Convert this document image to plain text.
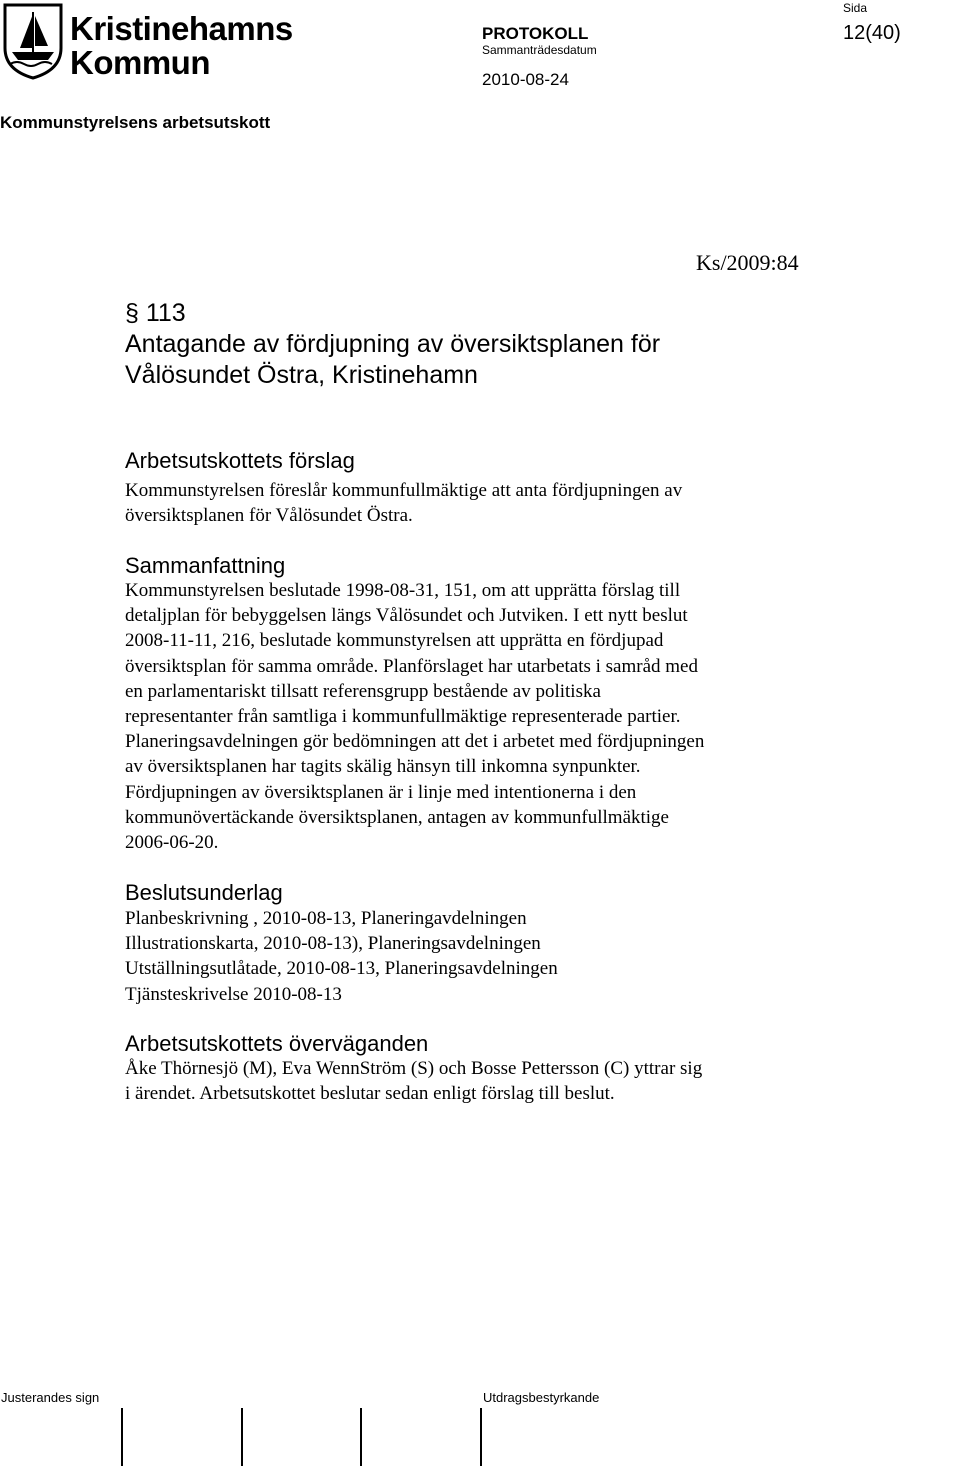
Kristinehamns
Kommun
Sida
12(40)
PROTOKOLL
Sammanträdesdatum
2010-08-24
Kommunstyrelsens arbetsutskott
Ks/2009:84
§ 113
Antagande av fördjupning av översiktsplanen för
Vålösundet Östra, Kristinehamn
Arbetsutskottets förslag
Kommunstyrelsen föreslår kommunfullmäktige att anta fördjupningen av
översiktsplanen för Vålösundet Östra.
Sammanfattning
Kommunstyrelsen beslutade 1998-08-31, 151, om att upprätta förslag till
detaljplan för bebyggelsen längs Vålösundet och Jutviken. I ett nytt beslut
2008-11-11, 216, beslutade kommunstyrelsen att upprätta en fördjupad
översiktsplan för samma område. Planförslaget har utarbetats i samråd med
en parlamentariskt tillsatt referensgrupp bestående av politiska
representanter från samtliga i kommunfullmäktige representerade partier.
Planeringsavdelningen gör bedömningen att det i arbetet med fördjupningen
av översiktsplanen har tagits skälig hänsyn till inkomna synpunkter.
Fördjupningen av översiktsplanen är i linje med intentionerna i den
kommunövertäckande översiktsplanen, antagen av kommunfullmäktige
2006-06-20.
Beslutsunderlag
Planbeskrivning , 2010-08-13, Planeringavdelningen
Illustrationskarta, 2010-08-13), Planeringsavdelningen
Utställningsutlåtade, 2010-08-13, Planeringsavdelningen
Tjänsteskrivelse 2010-08-13
Arbetsutskottets överväganden
Åke Thörnesjö (M), Eva WennStröm (S) och Bosse Pettersson (C) yttrar sig
i ärendet. Arbetsutskottet beslutar sedan enligt förslag till beslut.
Justerandes sign	Utdragsbestyrkande
